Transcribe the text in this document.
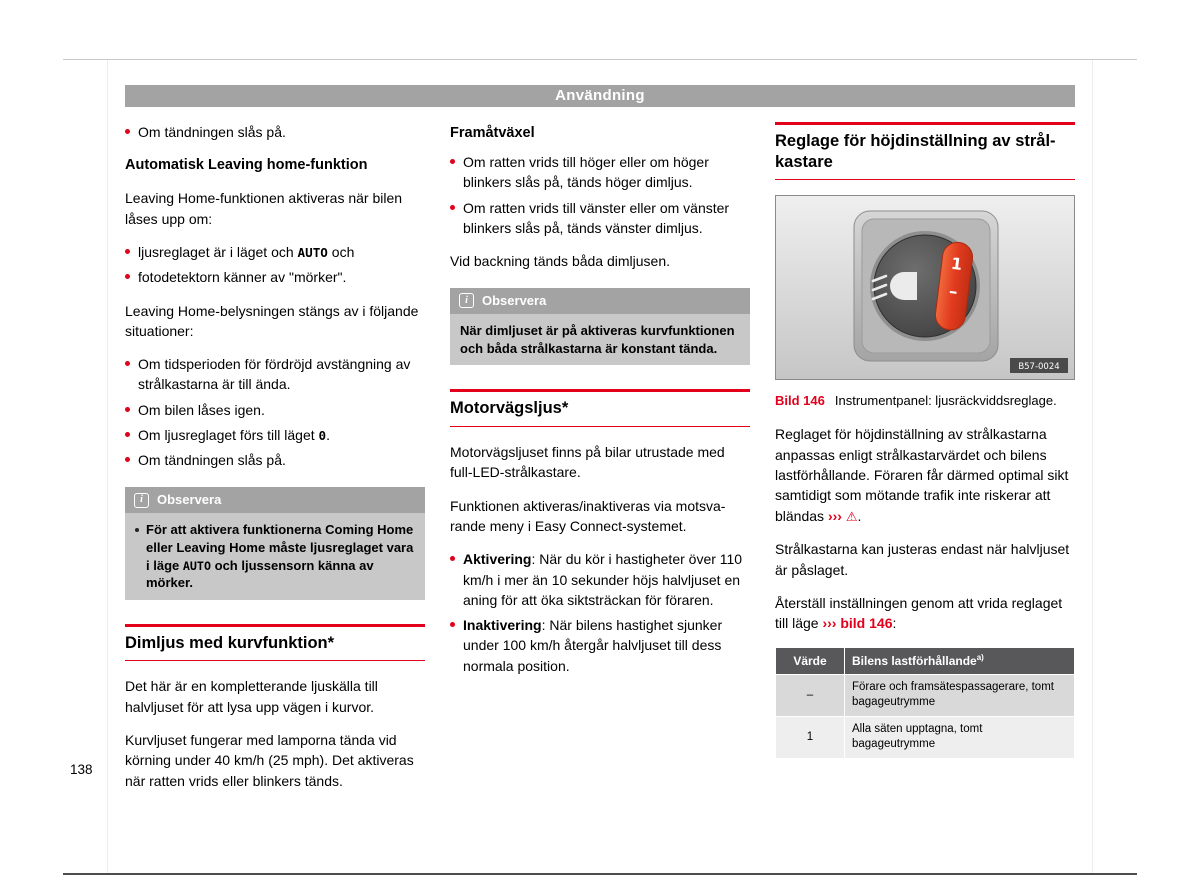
138
Användning
Om tändningen slås på.
Automatisk Leaving home-funktion

Leaving Home-funktionen aktiveras när bilen låses upp om:

ljusreglaget är i läget och AUTO och
fotodetektorn känner av "mörker".

Leaving Home-belysningen stängs av i följande situationer:

Om tidsperioden för fördröjd avstängning av strålkastarna är till ända.
Om bilen låses igen.
Om ljusreglaget förs till läget 0.
Om tändningen slås på.
i	Observera
För att aktivera funktionerna Coming Home eller Leaving Home måste ljusreglaget vara i läge AUTO och ljussensorn känna av mörker.
Dimljus med kurvfunktion*

Det här är en kompletterande ljuskälla till halvljuset för att lysa upp vägen i kurvor.

Kurvljuset fungerar med lamporna tända vid körning under 40 km/h (25 mph). Det aktiveras när ratten vrids eller blinkers tänds.

Framåtväxel
Om ratten vrids till höger eller om höger blinkers slås på, tänds höger dimljus.
Om ratten vrids till vänster eller om vänster blinkers slås på, tänds vänster dimljus.

Vid backning tänds båda dimljusen.

i	Observera
När dimljuset är på aktiveras kurvfunktionen och båda strålkastarna är konstant tända.
Motorvägsljus*

Motorvägsljuset finns på bilar utrustade med full-LED-strålkastare.

Funktionen aktiveras/inaktiveras via motsvarande meny i Easy Connect-systemet.

Aktivering: När du kör i hastigheter över 110 km/h i mer än 10 sekunder höjs halvljuset en aning för att öka siktsträckan för föraren.
Inaktivering: När bilens hastighet sjunker under 100 km/h återgår halvljuset till dess normala position.
Reglage för höjdinställning av strålkastare
1
–
B57-0024
Bild 146 Instrumentpanel: ljusräckviddsreglage.

Reglaget för höjdinställning av strålkastarna anpassas enligt strålkastarvärdet och bilens lastförhållande. Föraren får därmed optimal sikt samtidigt som mötande trafik inte riskerar att bländas ››› ⚠.

Strålkastarna kan justeras endast när halvljuset är påslaget.

Återställ inställningen genom att vrida reglaget till läge ››› bild 146:

Värde	Bilens lastförhållande$^{a)}$
–	Förare och framsätespassagerare, tomt bagageutrymme
1	Alla säten upptagna, tomt bagageutrymme
